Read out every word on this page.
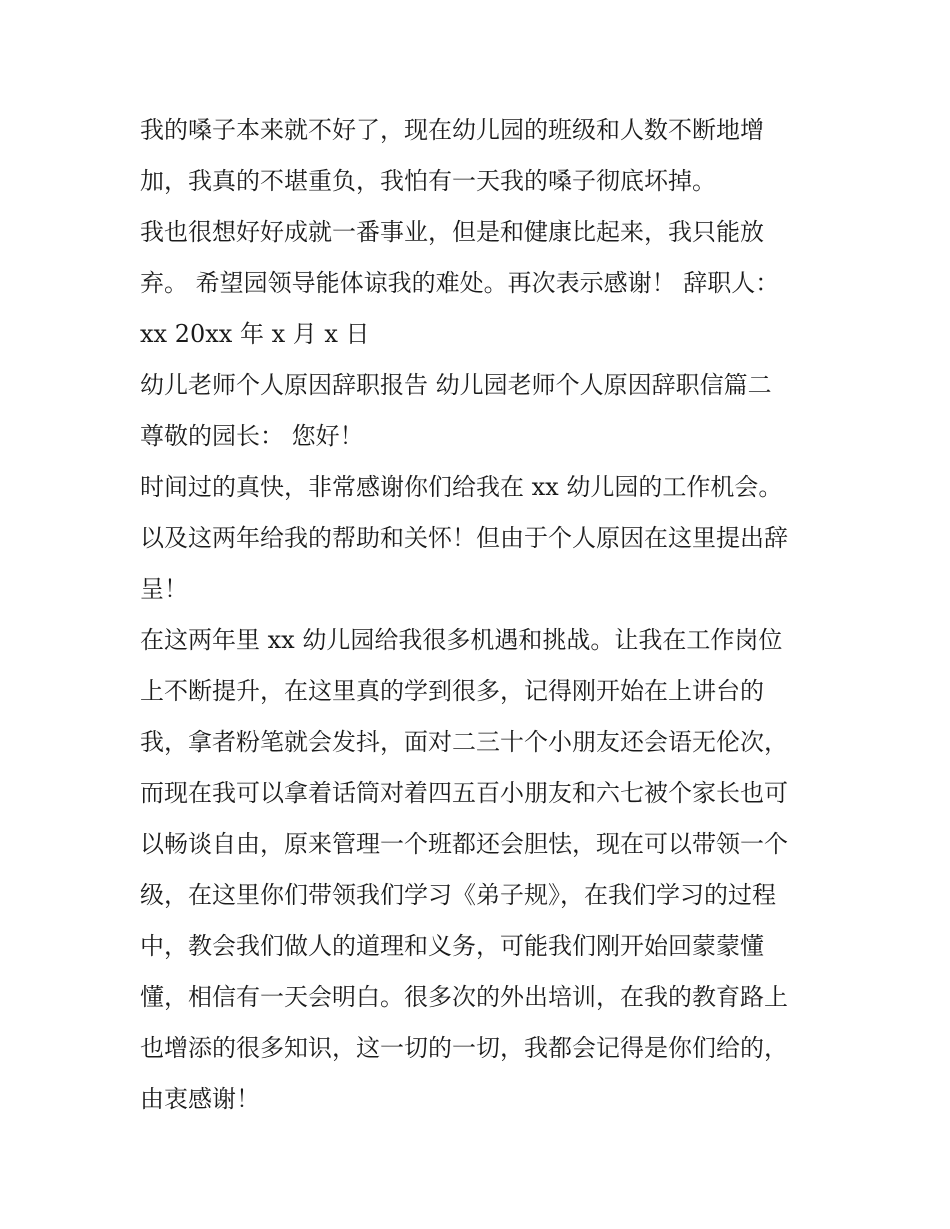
我的嗓子本来就不好了，现在幼儿园的班级和人数不断地增
加，我真的不堪重负，我怕有一天我的嗓子彻底坏掉。
我也很想好好成就一番事业，但是和健康比起来，我只能放
弃。 希望园领导能体谅我的难处。再次表示感谢！ 辞职人：
xx 20xx 年 x 月 x 日
幼儿老师个人原因辞职报告 幼儿园老师个人原因辞职信篇二
尊敬的园长： 您好！
时间过的真快，非常感谢你们给我在 xx 幼儿园的工作机会。
以及这两年给我的帮助和关怀！但由于个人原因在这里提出辞
呈！
在这两年里 xx 幼儿园给我很多机遇和挑战。让我在工作岗位
上不断提升，在这里真的学到很多，记得刚开始在上讲台的
我，拿者粉笔就会发抖，面对二三十个小朋友还会语无伦次，
而现在我可以拿着话筒对着四五百小朋友和六七被个家长也可
以畅谈自由，原来管理一个班都还会胆怯，现在可以带领一个
级，在这里你们带领我们学习《弟子规》，在我们学习的过程
中，教会我们做人的道理和义务，可能我们刚开始回蒙蒙懂
懂，相信有一天会明白。很多次的外出培训，在我的教育路上
也增添的很多知识，这一切的一切，我都会记得是你们给的，
由衷感谢！
